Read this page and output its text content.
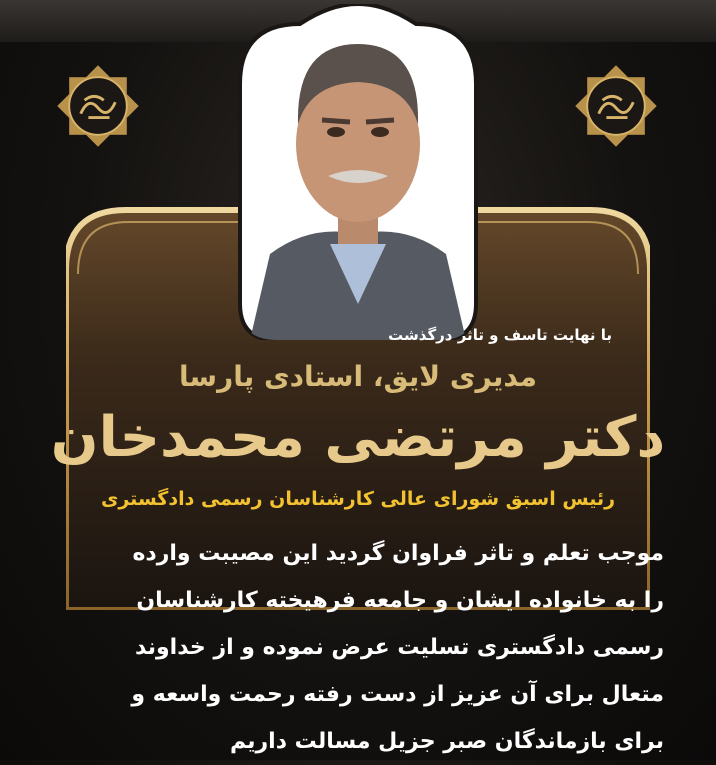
با نهایت تاسف و تاثر درگذشت
مدیری لایق، استادی پارسا
دکتر مرتضی محمدخان
رئیس اسبق شورای عالی کارشناسان رسمی دادگستری
موجب تعلم و تاثر فراوان گردید این مصیبت وارده
را به خانواده ایشان و جامعه فرهیخته کارشناسان
رسمی دادگستری تسلیت عرض نموده و از خداوند
متعال برای آن عزیز از دست رفته رحمت واسعه و
برای بازماندگان صبر جزیل مسالت داریم
